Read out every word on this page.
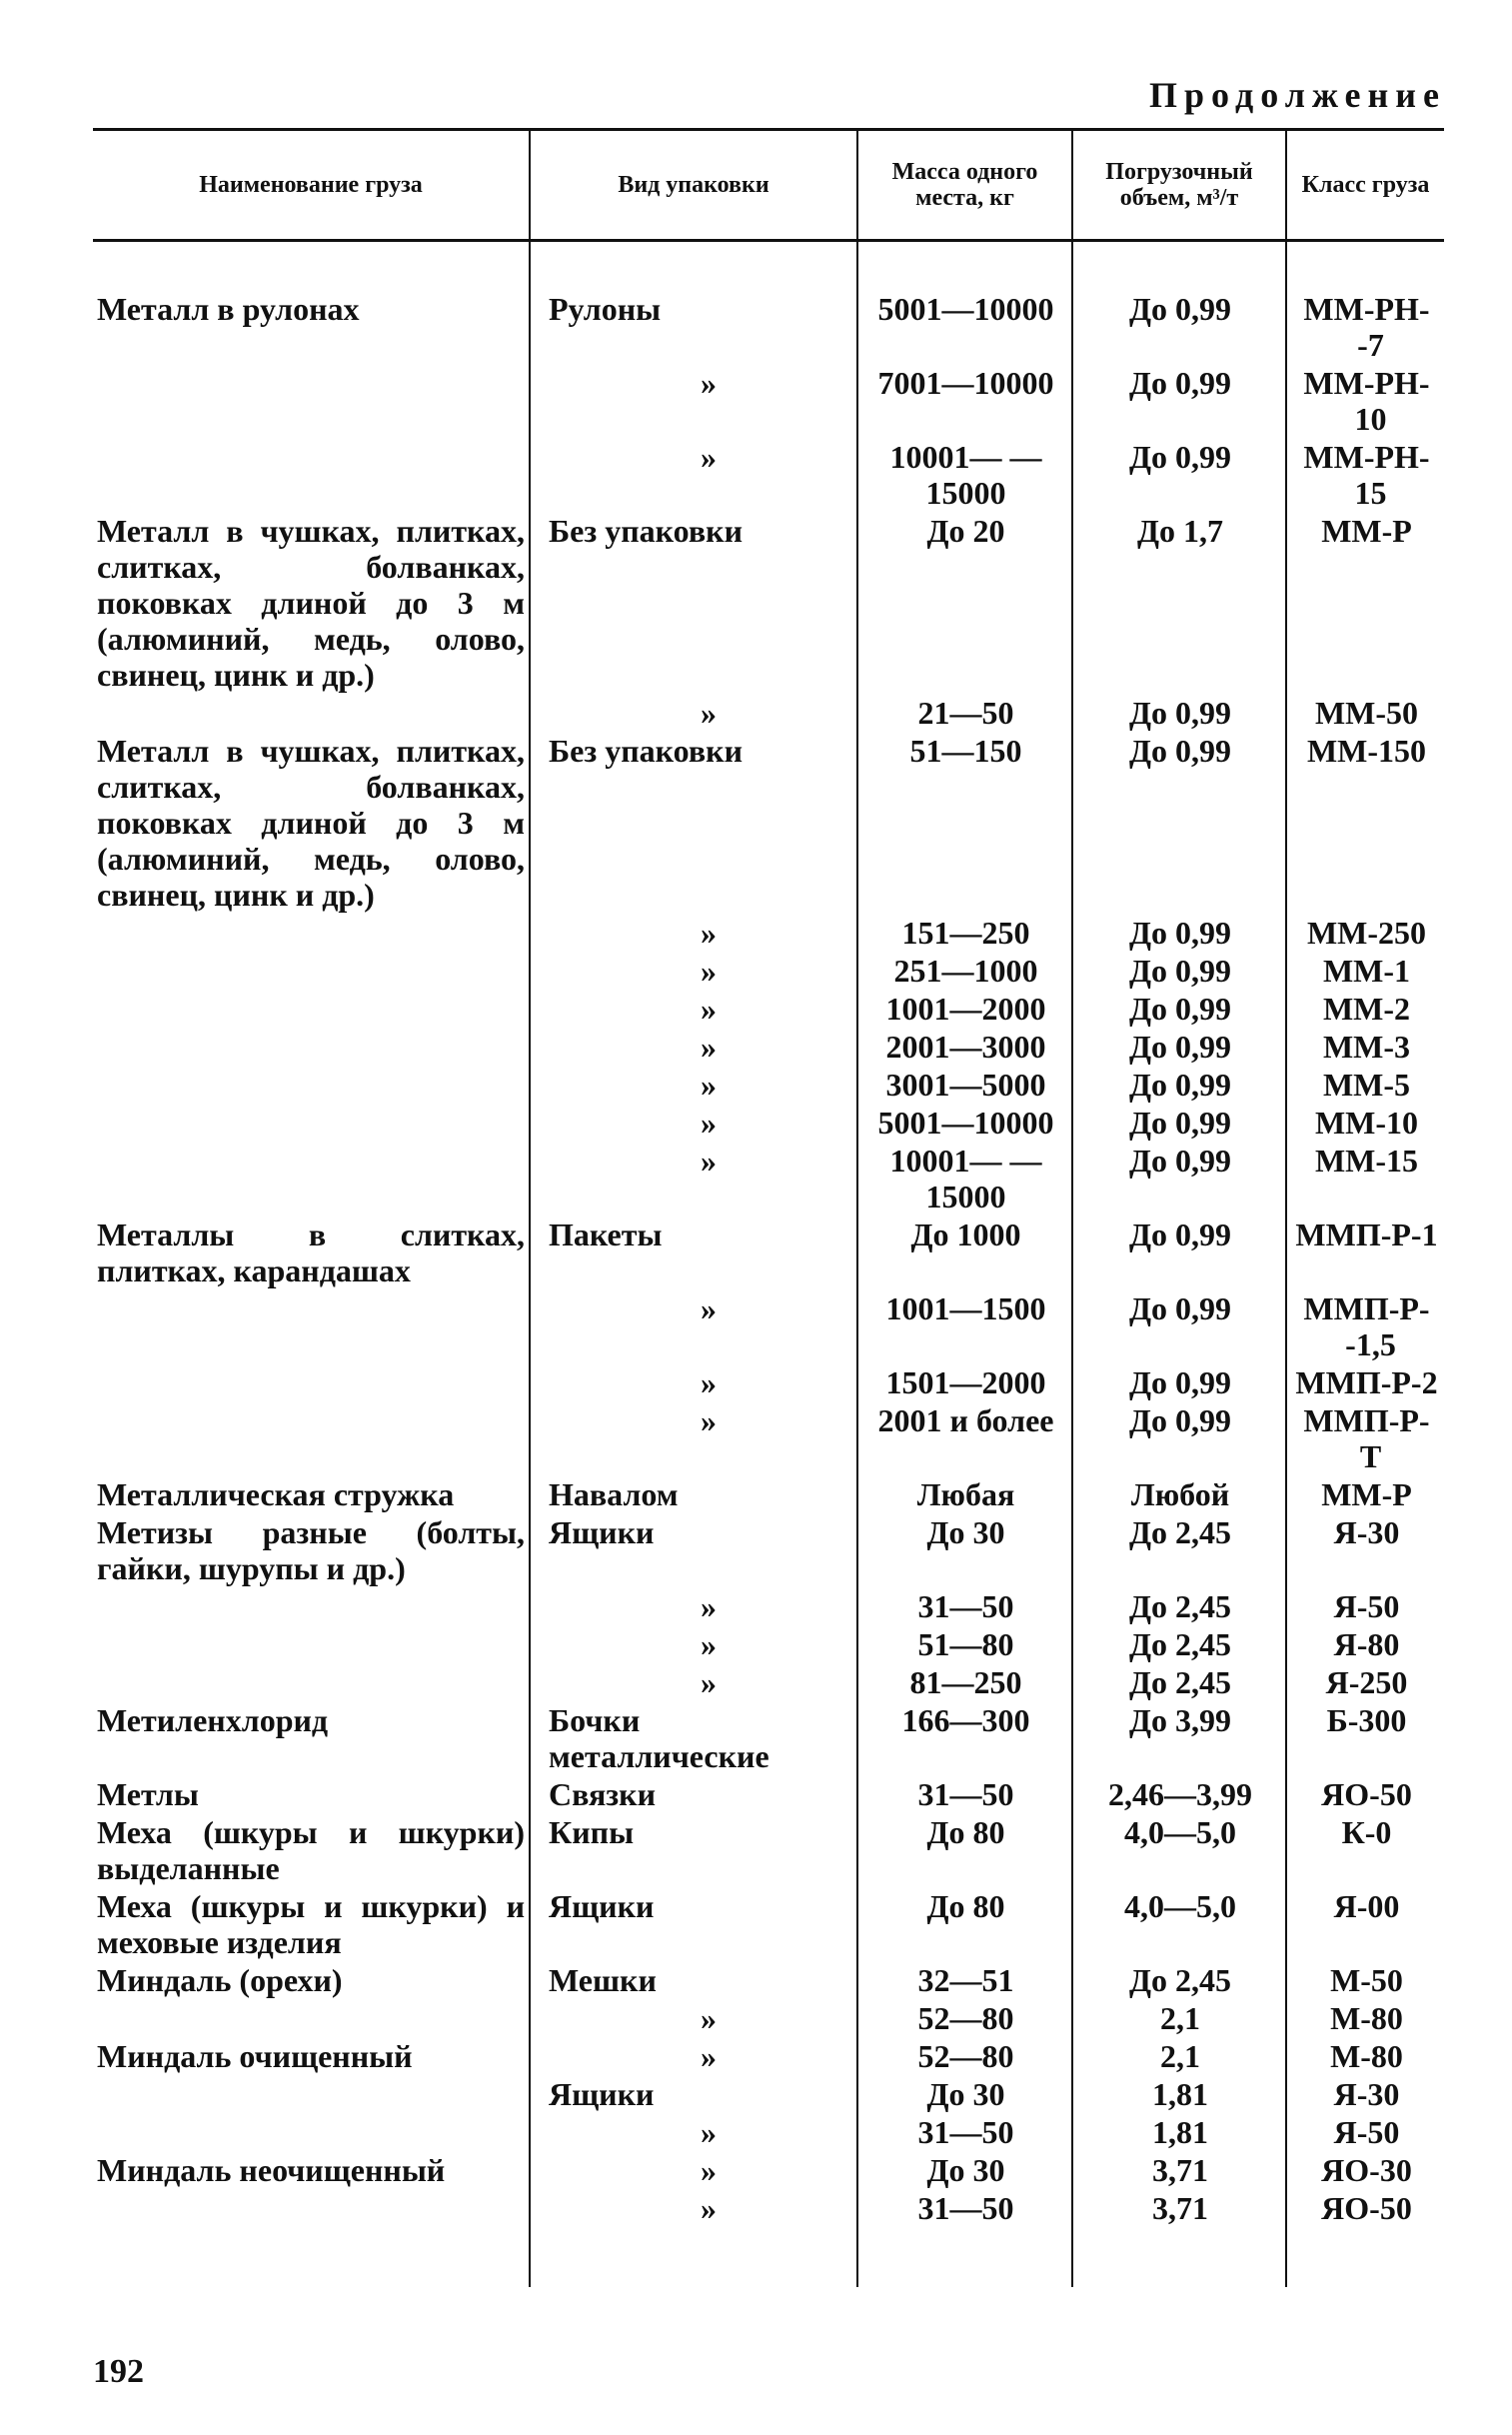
Продолжение
Наименование груза	Вид упаковки	Масса одного места, кг	Погрузочный объем, м³/т	Класс груза

Металл в рулонах	Рулоны	5001—10000	До 0,99	ММ-РН- -7
	»	7001—10000	До 0,99	ММ-РН- 10
	»	10001— —15000	До 0,99	ММ-РН- 15
Металл в чушках, плитках, слитках, болванках, поковках длиной до 3 м (алюминий, медь, олово, свинец, цинк и др.)	Без упаковки	До 20	До 1,7	ММ-Р
	»	21—50	До 0,99	ММ-50
Металл в чушках, плитках, слитках, болванках, поковках длиной до 3 м (алюминий, медь, олово, свинец, цинк и др.)	Без упаковки	51—150	До 0,99	ММ-150
	»	151—250	До 0,99	ММ-250
	»	251—1000	До 0,99	ММ-1
	»	1001—2000	До 0,99	ММ-2
	»	2001—3000	До 0,99	ММ-3
	»	3001—5000	До 0,99	ММ-5
	»	5001—10000	До 0,99	ММ-10
	»	10001— —15000	До 0,99	ММ-15
Металлы в слитках, плитках, карандашах	Пакеты	До 1000	До 0,99	ММП-Р-1
	»	1001—1500	До 0,99	ММП-Р- -1,5
	»	1501—2000	До 0,99	ММП-Р-2
	»	2001 и более	До 0,99	ММП-Р- Т
Металлическая стружка	Навалом	Любая	Любой	ММ-Р
Метизы разные (болты, гайки, шурупы и др.)	Ящики	До 30	До 2,45	Я-30
	»	31—50	До 2,45	Я-50
	»	51—80	До 2,45	Я-80
	»	81—250	До 2,45	Я-250
Метиленхлорид	Бочки металлические	166—300	До 3,99	Б-300
Метлы	Связки	31—50	2,46—3,99	ЯО-50
Меха (шкуры и шкурки) выделанные	Кипы	До 80	4,0—5,0	К-0
Меха (шкуры и шкурки) и меховые изделия	Ящики	До 80	4,0—5,0	Я-00
Миндаль (орехи)	Мешки	32—51	До 2,45	М-50
	»	52—80	2,1	М-80
Миндаль очищенный	»	52—80	2,1	М-80
	Ящики	До 30	1,81	Я-30
	»	31—50	1,81	Я-50
Миндаль неочищенный	»	До 30	3,71	ЯО-30
	»	31—50	3,71	ЯО-50

192
